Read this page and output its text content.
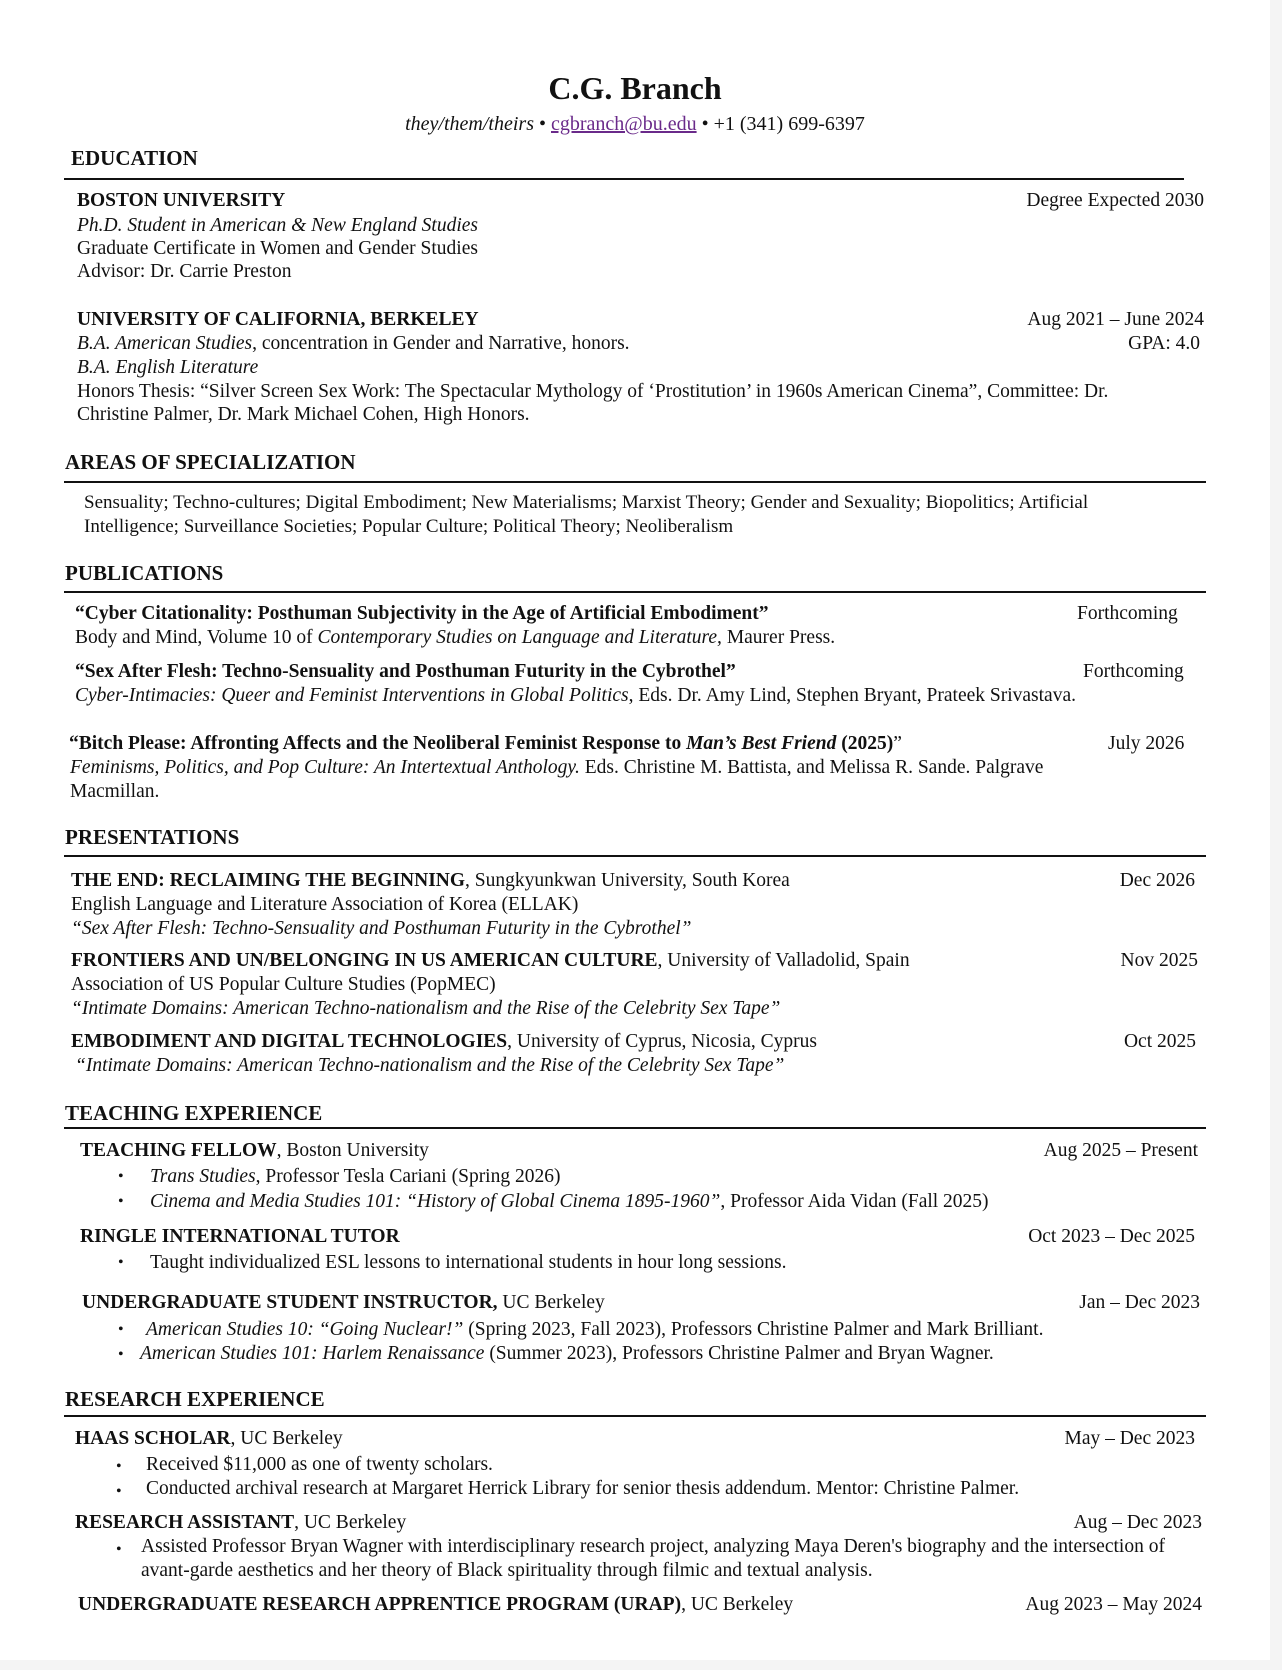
C.G. Branch
they/them/theirs • cgbranch@bu.edu • +1 (341) 699-6397
EDUCATION
BOSTON UNIVERSITY	Degree Expected 2030
Ph.D. Student in American & New England Studies
Graduate Certificate in Women and Gender Studies
Advisor: Dr. Carrie Preston
UNIVERSITY OF CALIFORNIA, BERKELEY	Aug 2021 – June 2024
B.A. American Studies, concentration in Gender and Narrative, honors.	GPA: 4.0
B.A. English Literature
Honors Thesis: “Silver Screen Sex Work: The Spectacular Mythology of ‘Prostitution’ in 1960s American Cinema”, Committee: Dr.
Christine Palmer, Dr. Mark Michael Cohen, High Honors.
AREAS OF SPECIALIZATION
Sensuality; Techno-cultures; Digital Embodiment; New Materialisms; Marxist Theory; Gender and Sexuality; Biopolitics; Artificial
Intelligence; Surveillance Societies; Popular Culture; Political Theory; Neoliberalism
PUBLICATIONS
“Cyber Citationality: Posthuman Subjectivity in the Age of Artificial Embodiment”	Forthcoming
Body and Mind, Volume 10 of Contemporary Studies on Language and Literature, Maurer Press.
“Sex After Flesh: Techno-Sensuality and Posthuman Futurity in the Cybrothel”	Forthcoming
Cyber-Intimacies: Queer and Feminist Interventions in Global Politics, Eds. Dr. Amy Lind, Stephen Bryant, Prateek Srivastava.
“Bitch Please: Affronting Affects and the Neoliberal Feminist Response to Man’s Best Friend (2025)”	July 2026
Feminisms, Politics, and Pop Culture: An Intertextual Anthology. Eds. Christine M. Battista, and Melissa R. Sande. Palgrave
Macmillan.
PRESENTATIONS
THE END: RECLAIMING THE BEGINNING, Sungkyunkwan University, South Korea	Dec 2026
English Language and Literature Association of Korea (ELLAK)
“Sex After Flesh: Techno-Sensuality and Posthuman Futurity in the Cybrothel”
FRONTIERS AND UN/BELONGING IN US AMERICAN CULTURE, University of Valladolid, Spain	Nov 2025
Association of US Popular Culture Studies (PopMEC)
“Intimate Domains: American Techno-nationalism and the Rise of the Celebrity Sex Tape”
EMBODIMENT AND DIGITAL TECHNOLOGIES, University of Cyprus, Nicosia, Cyprus	Oct 2025
“Intimate Domains: American Techno-nationalism and the Rise of the Celebrity Sex Tape”
TEACHING EXPERIENCE
TEACHING FELLOW, Boston University	Aug 2025 – Present
• Trans Studies, Professor Tesla Cariani (Spring 2026)
• Cinema and Media Studies 101: “History of Global Cinema 1895-1960”, Professor Aida Vidan (Fall 2025)
RINGLE INTERNATIONAL TUTOR	Oct 2023 – Dec 2025
• Taught individualized ESL lessons to international students in hour long sessions.
UNDERGRADUATE STUDENT INSTRUCTOR, UC Berkeley	Jan – Dec 2023
• American Studies 10: “Going Nuclear!” (Spring 2023, Fall 2023), Professors Christine Palmer and Mark Brilliant.
• American Studies 101: Harlem Renaissance (Summer 2023), Professors Christine Palmer and Bryan Wagner.
RESEARCH EXPERIENCE
HAAS SCHOLAR, UC Berkeley	May – Dec 2023
• Received $11,000 as one of twenty scholars.
• Conducted archival research at Margaret Herrick Library for senior thesis addendum. Mentor: Christine Palmer.
RESEARCH ASSISTANT, UC Berkeley	Aug – Dec 2023
• Assisted Professor Bryan Wagner with interdisciplinary research project, analyzing Maya Deren's biography and the intersection of
avant-garde aesthetics and her theory of Black spirituality through filmic and textual analysis.
UNDERGRADUATE RESEARCH APPRENTICE PROGRAM (URAP), UC Berkeley	Aug 2023 – May 2024
